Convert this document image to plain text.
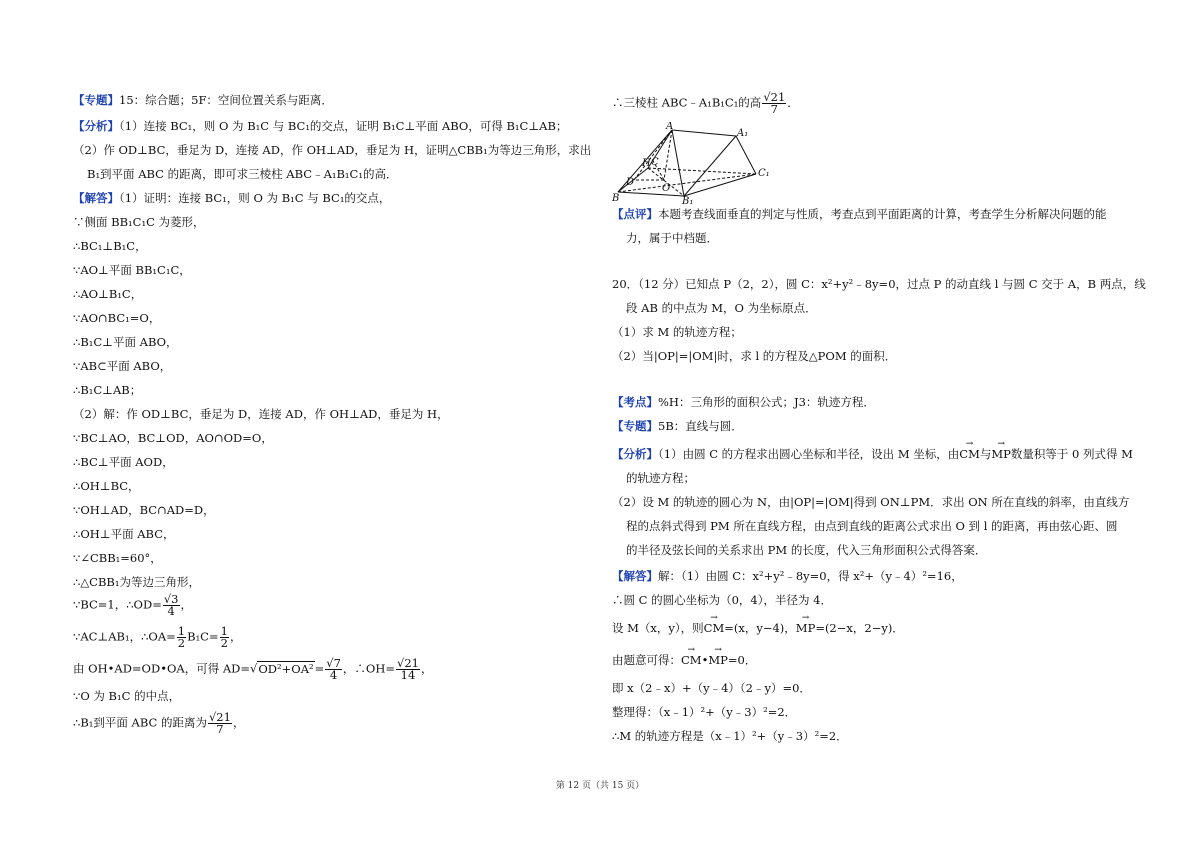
【专题】15：综合题；5F：空间位置关系与距离．
【分析】（1）连接 BC₁，则 O 为 B₁C 与 BC₁的交点，证明 B₁C⊥平面 ABO，可得 B₁C⊥AB；
（2）作 OD⊥BC，垂足为 D，连接 AD，作 OH⊥AD，垂足为 H，证明△CBB₁为等边三角形，求出
B₁到平面 ABC 的距离，即可求三棱柱 ABC﹣A₁B₁C₁的高．
【解答】（1）证明：连接 BC₁，则 O 为 B₁C 与 BC₁的交点，
∵侧面 BB₁C₁C 为菱形，
∴BC₁⊥B₁C，
∵AO⊥平面 BB₁C₁C，
∴AO⊥B₁C，
∵AO∩BC₁=O，
∴B₁C⊥平面 ABO，
∵AB⊂平面 ABO，
∴B₁C⊥AB；
（2）解：作 OD⊥BC，垂足为 D，连接 AD，作 OH⊥AD，垂足为 H，
∵BC⊥AO，BC⊥OD，AO∩OD=O，
∴BC⊥平面 AOD，
∴OH⊥BC，
∵OH⊥AD，BC∩AD=D，
∴OH⊥平面 ABC，
∵∠CBB₁=60°，
∴△CBB₁为等边三角形，
∵BC=1，∴OD= $\frac{√3}{4}$ ，
∵AC⊥AB₁，∴OA= $\frac{1}{2} B_1C= \frac{1}{2}$ ，
由 OH•AD=OD•OA，可得 $AD=√OD^2+OA^2= \frac{√7}{4}$ ，∴OH= $\frac{√21}{14}$ ，
∵O 为 B₁C 的中点，
∴B₁到平面 ABC 的距离为 $\frac{√21}{7}$ ，
∴三棱柱 ABC﹣A₁B₁C₁的高 $\frac{√21}{7}$ ．
【点评】本题考查线面垂直的判定与性质，考查点到平面距离的计算，考查学生分析解决问题的能
力，属于中档题．
20．（12 分）已知点 P（2，2），圆 C：x²+y²﹣8y=0，过点 P 的动直线 l 与圆 C 交于 A，B 两点，线
段 AB 的中点为 M，O 为坐标原点．
（1）求 M 的轨迹方程；
（2）当|OP|=|OM|时，求 l 的方程及△POM 的面积．
【考点】%H：三角形的面积公式；J3：轨迹方程．
【专题】5B：直线与圆．
【分析】（1）由圆 C 的方程求出圆心坐标和半径，设出 M 坐标，由→ CM与→ MP数量积等于 0 列式得 M
的轨迹方程；
（2）设 M 的轨迹的圆心为 N，由|OP|=|OM|得到 ON⊥PM．求出 ON 所在直线的斜率，由直线方
程的点斜式得到 PM 所在直线方程，由点到直线的距离公式求出 O 到 l 的距离，再由弦心距、圆
的半径及弦长间的关系求出 PM 的长度，代入三角形面积公式得答案．
【解答】解：（1）由圆 C：x²+y²﹣8y=0，得 x²+（y﹣4）²=16，
∴圆 C 的圆心坐标为（0，4），半径为 4．
设 M（x，y），则→ CM=(x，y−4)，→ MP=(2−x，2−y)．
由题意可得：→ CM•→ MP=0．
即 x（2﹣x）+（y﹣4）（2﹣y）=0．
整理得：（x﹣1）²+（y﹣3）²=2．
∴M 的轨迹方程是（x﹣1）²+（y﹣3）²=2．
A
A₁
H C
C₁
D
O
B	B₁
第 12 页（共 15 页）
